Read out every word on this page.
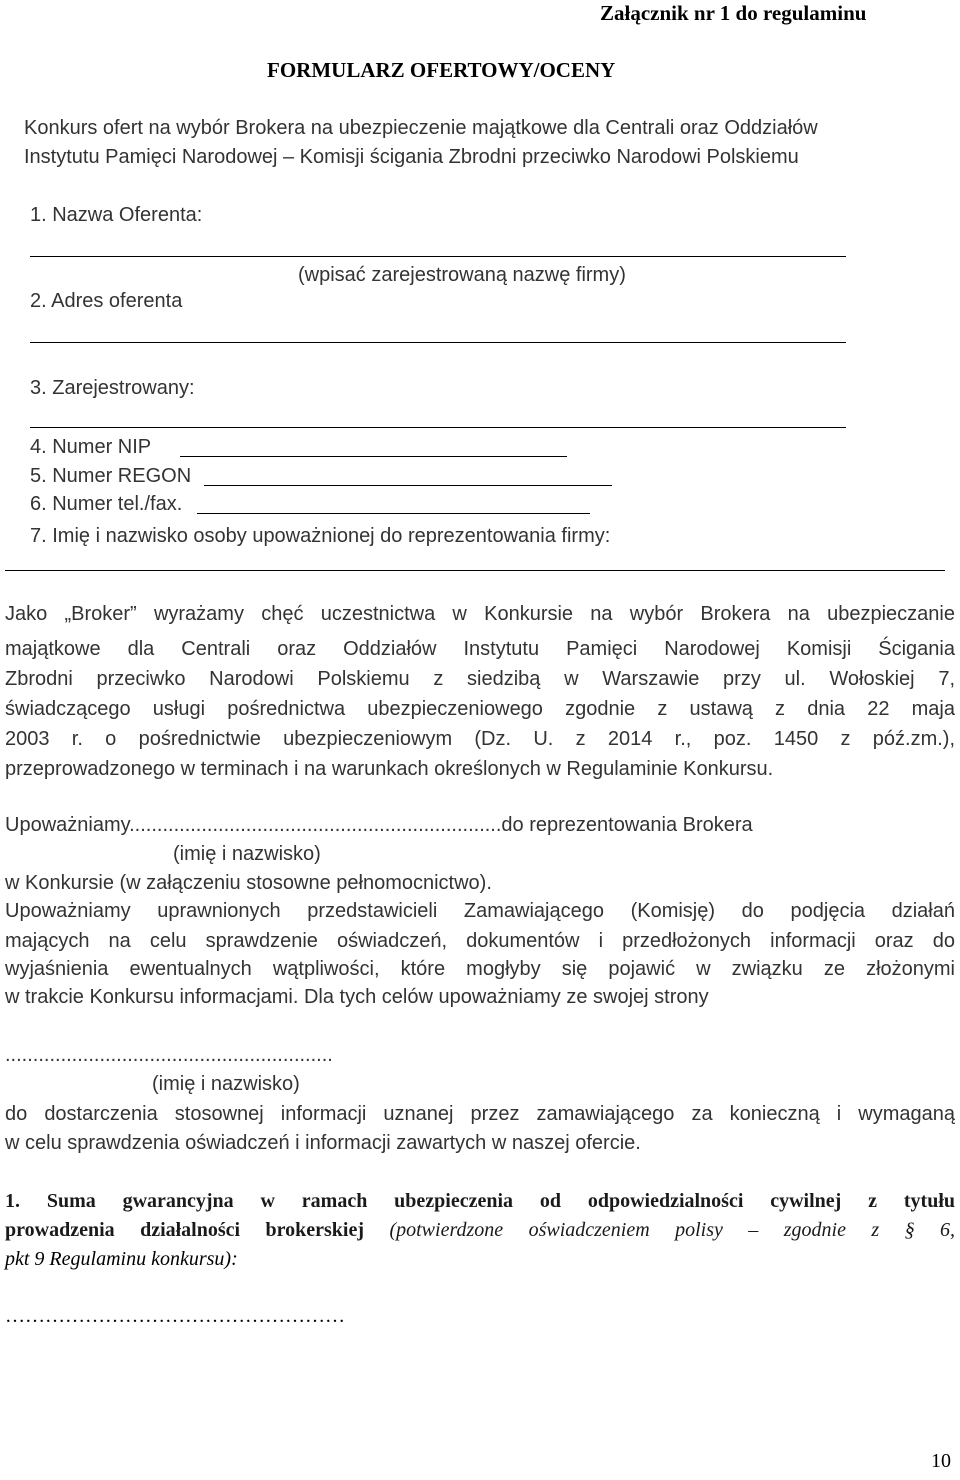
Załącznik nr 1 do regulaminu
FORMULARZ OFERTOWY/OCENY
Konkurs ofert na wybór Brokera na ubezpieczenie majątkowe dla Centrali oraz Oddziałów
Instytutu Pamięci Narodowej – Komisji ścigania Zbrodni przeciwko Narodowi Polskiemu
1. Nazwa Oferenta:
(wpisać zarejestrowaną nazwę firmy)
2. Adres oferenta
3. Zarejestrowany:
4. Numer NIP
5. Numer REGON
6. Numer tel./fax.
7. Imię i nazwisko osoby upoważnionej do reprezentowania firmy:
Jako „Broker” wyrażamy chęć uczestnictwa w Konkursie na wybór Brokera na ubezpieczanie
majątkowe dla Centrali oraz Oddziałów Instytutu Pamięci Narodowej Komisji Ścigania
Zbrodni przeciwko Narodowi Polskiemu z siedzibą w Warszawie przy ul. Wołoskiej 7,
świadczącego usługi pośrednictwa ubezpieczeniowego zgodnie z ustawą z dnia 22 maja
2003 r. o pośrednictwie ubezpieczeniowym (Dz. U. z 2014 r., poz. 1450 z póź.zm.),
przeprowadzonego w terminach i na warunkach określonych w Regulaminie Konkursu.
Upoważniamy...................................................................do reprezentowania Brokera
(imię i nazwisko)
w Konkursie (w załączeniu stosowne pełnomocnictwo).
Upoważniamy uprawnionych przedstawicieli Zamawiającego (Komisję) do podjęcia działań
mających na celu sprawdzenie oświadczeń, dokumentów i przedłożonych informacji oraz do
wyjaśnienia ewentualnych wątpliwości, które mogłyby się pojawić w związku ze złożonymi
w trakcie Konkursu informacjami. Dla tych celów upoważniamy ze swojej strony
...........................................................
(imię i nazwisko)
do dostarczenia stosownej informacji uznanej przez zamawiającego za konieczną i wymaganą
w celu sprawdzenia oświadczeń i informacji zawartych w naszej ofercie.
1. Suma gwarancyjna w ramach ubezpieczenia od odpowiedzialności cywilnej z tytułu
prowadzenia działalności brokerskiej (potwierdzone oświadczeniem polisy – zgodnie z § 6,
pkt 9 Regulaminu konkursu):
……………………………………………
10
